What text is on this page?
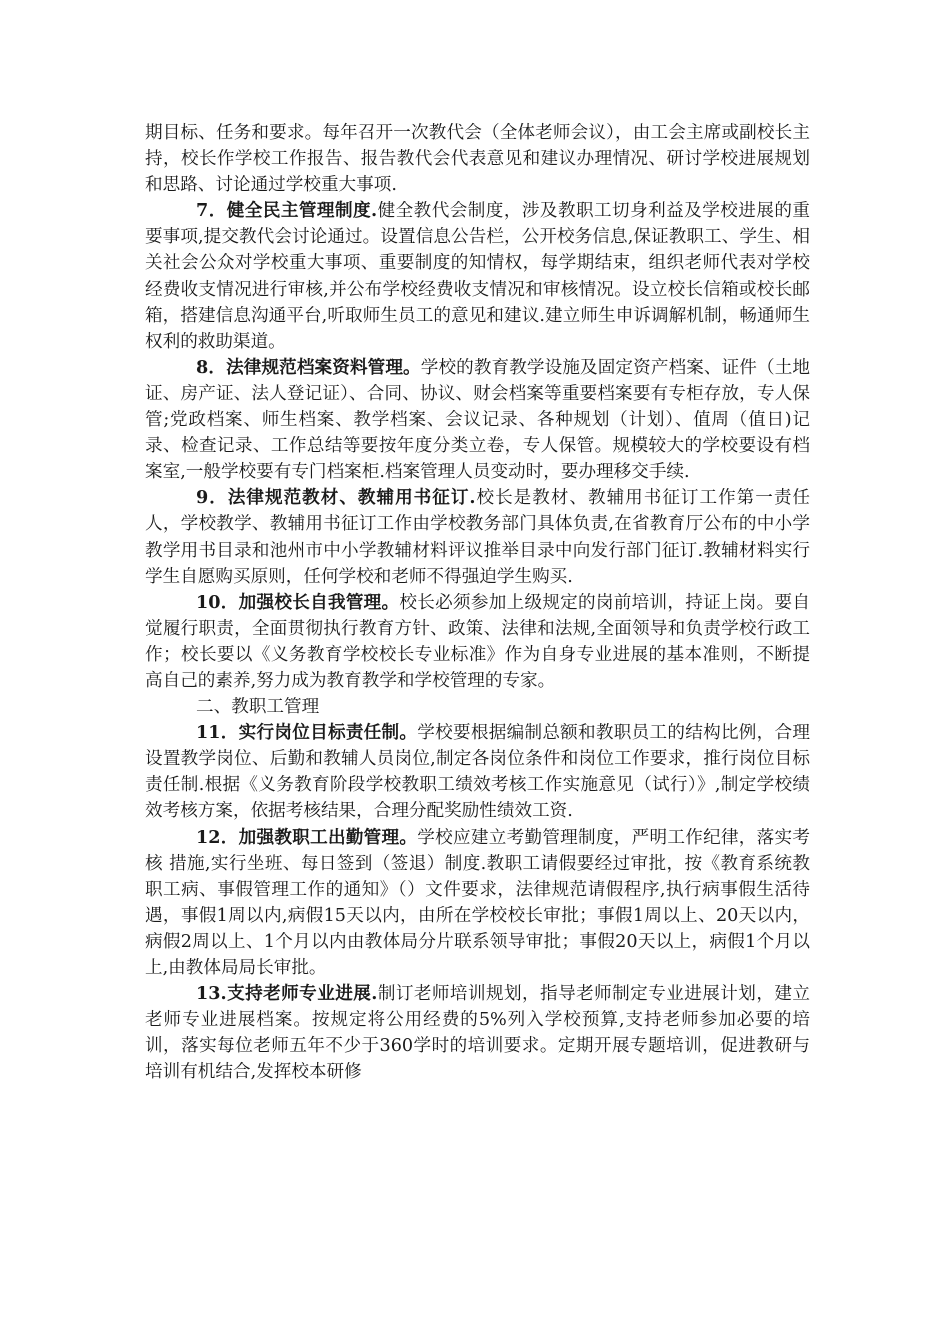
期目标、任务和要求。每年召开一次教代会（全体老师会议），由工会主席或副校长主持，校长作学校工作报告、报告教代会代表意见和建议办理情况、研讨学校进展规划和思路、讨论通过学校重大事项.

7．健全民主管理制度.健全教代会制度，涉及教职工切身利益及学校进展的重要事项,提交教代会讨论通过。设置信息公告栏，公开校务信息,保证教职工、学生、相关社会公众对学校重大事项、重要制度的知情权，每学期结束，组织老师代表对学校经费收支情况进行审核,并公布学校经费收支情况和审核情况。设立校长信箱或校长邮箱，搭建信息沟通平台,听取师生员工的意见和建议.建立师生申诉调解机制，畅通师生权利的救助渠道。

8．法律规范档案资料管理。学校的教育教学设施及固定资产档案、证件（土地证、房产证、法人登记证）、合同、协议、财会档案等重要档案要有专柜存放，专人保管;党政档案、师生档案、教学档案、会议记录、各种规划（计划）、值周（值日)记录、检查记录、工作总结等要按年度分类立卷，专人保管。规模较大的学校要设有档案室,一般学校要有专门档案柜.档案管理人员变动时，要办理移交手续.

9．法律规范教材、教辅用书征订.校长是教材、教辅用书征订工作第一责任人，学校教学、教辅用书征订工作由学校教务部门具体负责,在省教育厅公布的中小学教学用书目录和池州市中小学教辅材料评议推举目录中向发行部门征订.教辅材料实行学生自愿购买原则，任何学校和老师不得强迫学生购买.

10．加强校长自我管理。校长必须参加上级规定的岗前培训，持证上岗。要自觉履行职责，全面贯彻执行教育方针、政策、法律和法规,全面领导和负责学校行政工作；校长要以《义务教育学校校长专业标准》作为自身专业进展的基本准则，不断提高自己的素养,努力成为教育教学和学校管理的专家。

二、教职工管理

11．实行岗位目标责任制。学校要根据编制总额和教职员工的结构比例，合理设置教学岗位、后勤和教辅人员岗位,制定各岗位条件和岗位工作要求，推行岗位目标责任制.根据《义务教育阶段学校教职工绩效考核工作实施意见（试行）》,制定学校绩效考核方案，依据考核结果，合理分配奖励性绩效工资.

12．加强教职工出勤管理。学校应建立考勤管理制度，严明工作纪律，落实考核 措施,实行坐班、每日签到（签退）制度.教职工请假要经过审批，按《教育系统教职工病、事假管理工作的通知》（）文件要求，法律规范请假程序,执行病事假生活待遇，事假1周以内,病假15天以内，由所在学校校长审批；事假1周以上、20天以内，病假2周以上、1个月以内由教体局分片联系领导审批；事假20天以上，病假1个月以上,由教体局局长审批。

13.支持老师专业进展.制订老师培训规划，指导老师制定专业进展计划，建立老师专业进展档案。按规定将公用经费的5%列入学校预算,支持老师参加必要的培训，落实每位老师五年不少于360学时的培训要求。定期开展专题培训，促进教研与培训有机结合,发挥校本研修
